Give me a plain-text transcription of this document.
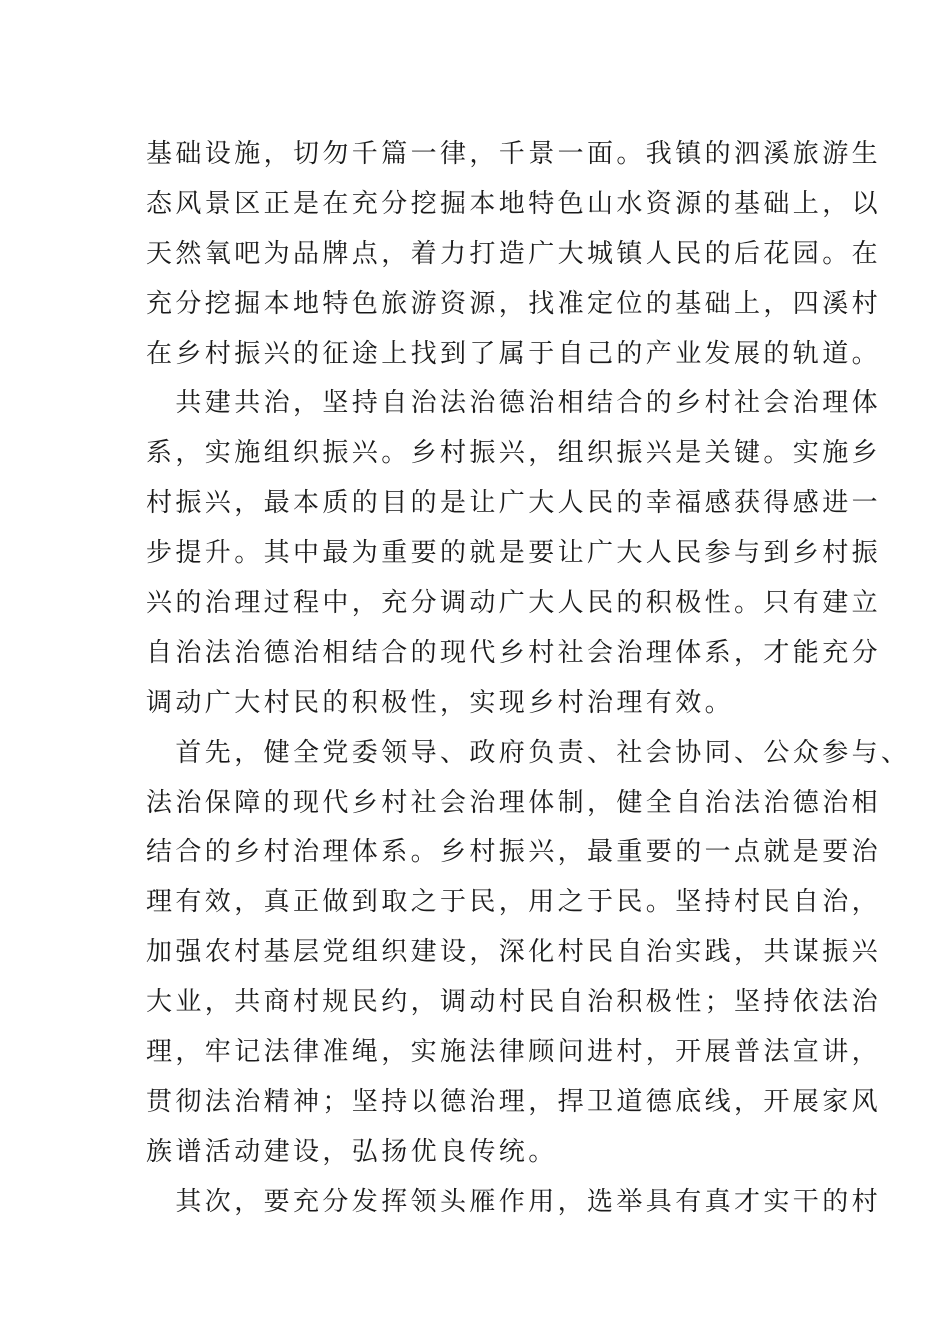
基础设施，切勿千篇一律，千景一面。我镇的泗溪旅游生
态风景区正是在充分挖掘本地特色山水资源的基础上，以
天然氧吧为品牌点，着力打造广大城镇人民的后花园。在
充分挖掘本地特色旅游资源，找准定位的基础上，四溪村
在乡村振兴的征途上找到了属于自己的产业发展的轨道。
　共建共治，坚持自治法治德治相结合的乡村社会治理体
系，实施组织振兴。乡村振兴，组织振兴是关键。实施乡
村振兴，最本质的目的是让广大人民的幸福感获得感进一
步提升。其中最为重要的就是要让广大人民参与到乡村振
兴的治理过程中，充分调动广大人民的积极性。只有建立
自治法治德治相结合的现代乡村社会治理体系，才能充分
调动广大村民的积极性，实现乡村治理有效。
　首先，健全党委领导、政府负责、社会协同、公众参与、
法治保障的现代乡村社会治理体制，健全自治法治德治相
结合的乡村治理体系。乡村振兴，最重要的一点就是要治
理有效，真正做到取之于民，用之于民。坚持村民自治，
加强农村基层党组织建设，深化村民自治实践，共谋振兴
大业，共商村规民约，调动村民自治积极性；坚持依法治
理，牢记法律准绳，实施法律顾问进村，开展普法宣讲，
贯彻法治精神；坚持以德治理，捍卫道德底线，开展家风
族谱活动建设，弘扬优良传统。
　其次，要充分发挥领头雁作用，选举具有真才实干的村
